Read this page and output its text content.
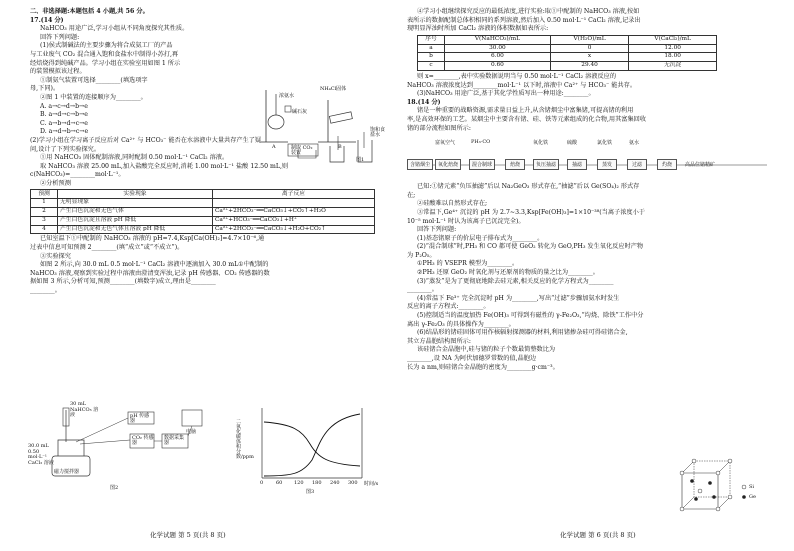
二、非选择题:本题包括 4 小题,共 56 分。

17.(14 分)

NaHCO₃ 用途广泛,学习小组从不同角度探究其性质。

回答下列问题:

(1)侯式制碱法的主要步骤为将合成氨工厂的产品

与工业废气 CO₂ 混合通入饱和食盐水中制得小苏打,再

经焙烧得到纯碱产品。学习小组在实验室用如图 1 所示

的装置模拟该过程。

①制氨气装置可选择________(填选项字

母,下同)。

②图 1 中装置的连接顺序为________。

A. a→c→d→b→e

B. a→d→c→b→e

C. a→b→d→c→e

D. a→d→b→c→e

(2)学习小组在学习离子反应后对 Ca²⁺ 与 HCO₃⁻ 能否在水溶液中大量共存产生了疑

问,设计了下列实验探究。

①用 NaHCO₃ 固体配制溶液,同时配制 0.50 mol·L⁻¹ CaCl₂ 溶液。

取 NaHCO₃ 溶液 25.00 mL,加入盐酸完全反应时,消耗 1.00 mol·L⁻¹ 盐酸 12.50 mL,则

c(NaHCO₃)=________mol·L⁻¹。

②分析预测

预测	实验现象	离子反应
1	无明显现象	
2	产生白色沉淀和无色气体	Ca²⁺+2HCO₃⁻══CaCO₃↓+CO₂↑+H₂O
3	产生白色沉淀且溶液 pH 降低	Ca²⁺+HCO₃⁻══CaCO₃↓+H⁺
4	产生白色沉淀和无色气体且溶液 pH 降低	Ca²⁺+2HCO₃⁻══CaCO₃↓+H₂O+CO₂↑

已知室温下①中配制的 NaHCO₃ 溶液的 pH=7.4,Ksp[Ca(OH)₂]=4.7×10⁻⁶,通

过表中信息可知预测 2________(填“成立”或“不成立”)。

③实验探究

如图 2 所示,向 30.0 mL 0.5 mol·L⁻¹ CaCl₂ 溶液中逐滴加入 30.0 mL①中配制的

NaHCO₃ 溶液,观察到实验过程中溶液由澄清变浑浊,记录 pH 传感器、CO₂ 传感器的数

据如图 3 所示,分析可知,预测________(填数字)成立,理由是________

________。

浓氨水
碱石灰
NH₄Cl固体
A	B
制取 CO₂ 装置
饱和食盐水
图1
30 mL NaHCO₃ 溶液
30.0 mL 0.50 mol·L⁻¹ CaCl₂ 溶液
磁力搅拌器
pH 传感器
CO₂ 传感器
数据采集器
电脑
图2
二氧化碳体积分数/ppm
0	60 120 180 240 300 时间/s
图3
化学试题 第 5 页(共 8 页)

④学习小组继续探究反应的最低浓度,进行实验:取①中配制的 NaHCO₃ 溶液,按如

表所示的数据配制总体积相同的系列溶液,然后加入 0.50 mol·L⁻¹ CaCl₂ 溶液,记录出

现明显浑浊时所加 CaCl₂ 溶液的体积数据如表所示:

序号	V(NaHCO₃)/mL	V(H₂O)/mL	V(CaCl₂)/mL
a	30.00	0	12.00
b	6.00	x	18.00
c	0.60	29.40	无沉淀

则 x=________,表中实验数据说明当与 0.50 mol·L⁻¹ CaCl₂ 溶液反应的

NaHCO₃ 溶液浓度达到________mol·L⁻¹ 以下时,溶液中 Ca²⁺ 与 HCO₃⁻ 能共存。

(3)NaHCO₃ 用途广泛,基于其化学性质写出一种用途:________。

18.(14 分)

锗是一种重要的战略资源,需求量日益上升,从含锗烟尘中富集锗,可提高锗的利用

率,是高效环保的工艺。某烟尘中主要含有锗、硅、铁等元素组成的化合物,用其富集回收

锗的部分流程如图所示:

含锗烟尘	氧化焙烧	混合制球	焙烧	负压抽滤	抽滤	蒸发	过滤	灼烧	高品位锗精矿
富氧空气	PH₃·CO	氧化铁	硫酸	氯化铁	氨水

已知:①锗元素“负压抽滤”后以 Na₂GeO₃ 形式存在,“抽滤”后以 Ge(SO₄)₂ 形式存

在;

②硅酸难以自然形式存在;

③常温下,Ge⁴⁺ 沉淀的 pH 为 2.7~3.3,Ksp[Fe(OH)₃]=1×10⁻³⁸(当离子浓度小于

10⁻⁵ mol·L⁻¹ 时认为该离子已沉淀完全)。

回答下列问题:

(1)基态锗原子的价层电子排布式为________。

(2)“混合制球”时,PH₃ 和 CO 都可使 GeO₂ 转化为 GeO,PH₃ 发生氧化反应时产物

为 P₂O₅。

①PH₃ 的 VSEPR 模型为________。

②PH₃ 还原 GeO₂ 时氧化剂与还原剂的物质的量之比为________。

(3)“蒸发”是为了更彻底地除去硅元素,相关反应的化学方程式为________

________。

(4)常温下 Fe³⁺ 完全沉淀时 pH 为________,写出“过滤”步骤加氨水时发生

反应的离子方程式:________。

(5)控制适当的温度加热 Fe(OH)₃ 可得到有磁性的 γ-Fe₂O₃,“均烧、除铁”工作中分

离出 γ-Fe₂O₃ 的具体操作为________。

(6)结晶形的锗硅固体可用作核辐射探测器的材料,利用锗掺杂硅可得硅锗合金,

其立方晶胞结构图所示:

该硅锗合金晶胞中,硅与锗的粒子个数最简整数比为

________,设 NA 为阿伏加德罗常数的值,晶胞边

长为 a nm,则硅锗合金晶胞的密度为________g·cm⁻³。

Si
Ge
化学试题 第 6 页(共 8 页)
